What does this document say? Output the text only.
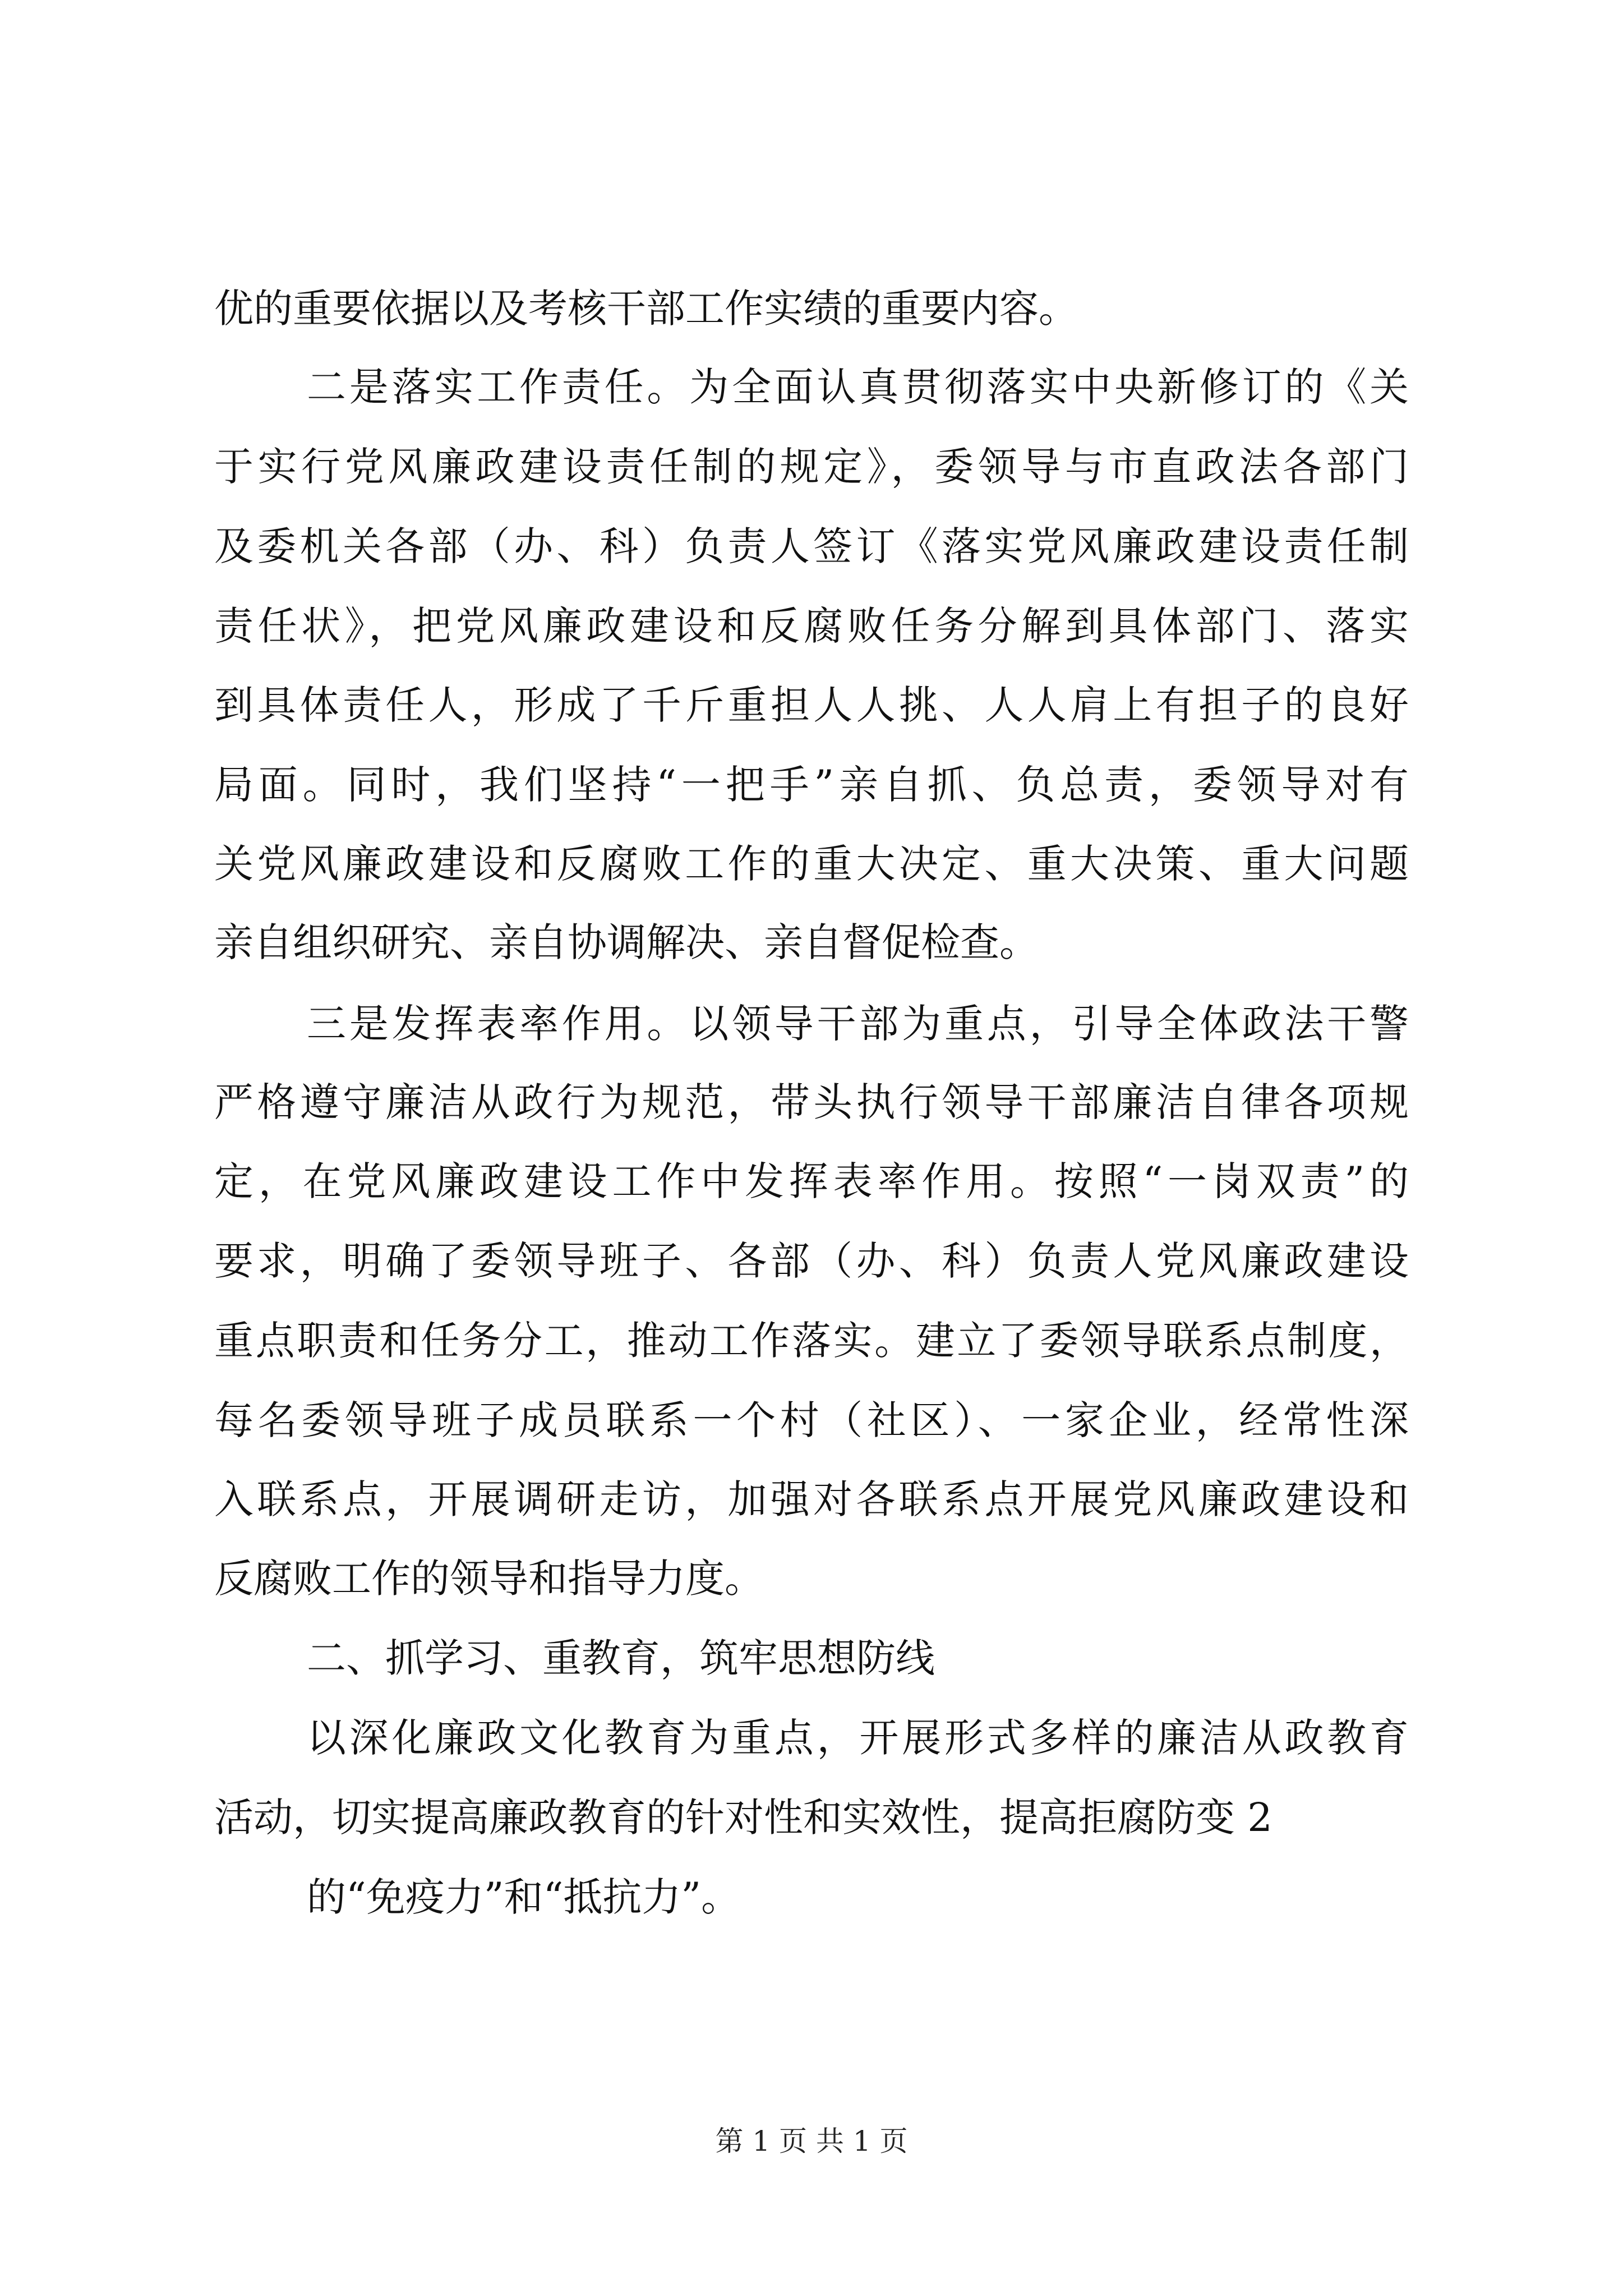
优的重要依据以及考核干部工作实绩的重要内容。
二是落实工作责任。为全面认真贯彻落实中央新修订的《关
于实行党风廉政建设责任制的规定》，委领导与市直政法各部门
及委机关各部（办、科）负责人签订《落实党风廉政建设责任制
责任状》，把党风廉政建设和反腐败任务分解到具体部门、落实
到具体责任人，形成了千斤重担人人挑、人人肩上有担子的良好
局面。同时，我们坚持“一把手”亲自抓、负总责，委领导对有
关党风廉政建设和反腐败工作的重大决定、重大决策、重大问题
亲自组织研究、亲自协调解决、亲自督促检查。
三是发挥表率作用。以领导干部为重点，引导全体政法干警
严格遵守廉洁从政行为规范，带头执行领导干部廉洁自律各项规
定，在党风廉政建设工作中发挥表率作用。按照“一岗双责”的
要求，明确了委领导班子、各部（办、科）负责人党风廉政建设
重点职责和任务分工，推动工作落实。建立了委领导联系点制度，
每名委领导班子成员联系一个村（社区）、一家企业，经常性深
入联系点，开展调研走访，加强对各联系点开展党风廉政建设和
反腐败工作的领导和指导力度。
二、抓学习、重教育，筑牢思想防线
以深化廉政文化教育为重点，开展形式多样的廉洁从政教育
活动，切实提高廉政教育的针对性和实效性，提高拒腐防变 2
的“免疫力”和“抵抗力”。
第 1 页 共 1 页
